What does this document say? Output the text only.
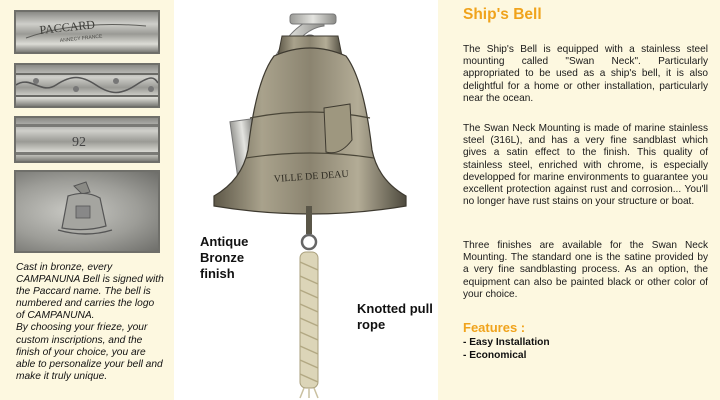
PACCARD
ANNECY FRANCE
92

Cast in bronze, every CAMPANUNA Bell is signed with the Paccard name. The bell is numbered and carries the logo of CAMPANUNA.

By choosing your frieze, your custom inscriptions, and the finish of your choice, you are able to personalize your bell and make it truly unique.

VILLE DE DEAU
Antique Bronze finish
Knotted pull rope
Ship's Bell

The Ship's Bell is equipped with a stainless steel mounting called "Swan Neck". Particularly appropriated to be used as a ship's bell, it is also delightful for a home or other installation, particularly near the ocean.

The Swan Neck Mounting is made of marine stainless steel (316L), and has a very fine sandblast which gives a satin effect to the finish. This quality of stainless steel, enriched with chrome, is especially developped for marine environments to guarantee you excellent protection against rust and corrosion... You'll no longer have rust stains on your structure or boat.

Three finishes are available for the Swan Neck Mounting. The standard one is the satine provided by a very fine sandblasting process. As an option, the equipment can also be painted black or other color of your choice.

Features :
- Easy Installation
- Economical
